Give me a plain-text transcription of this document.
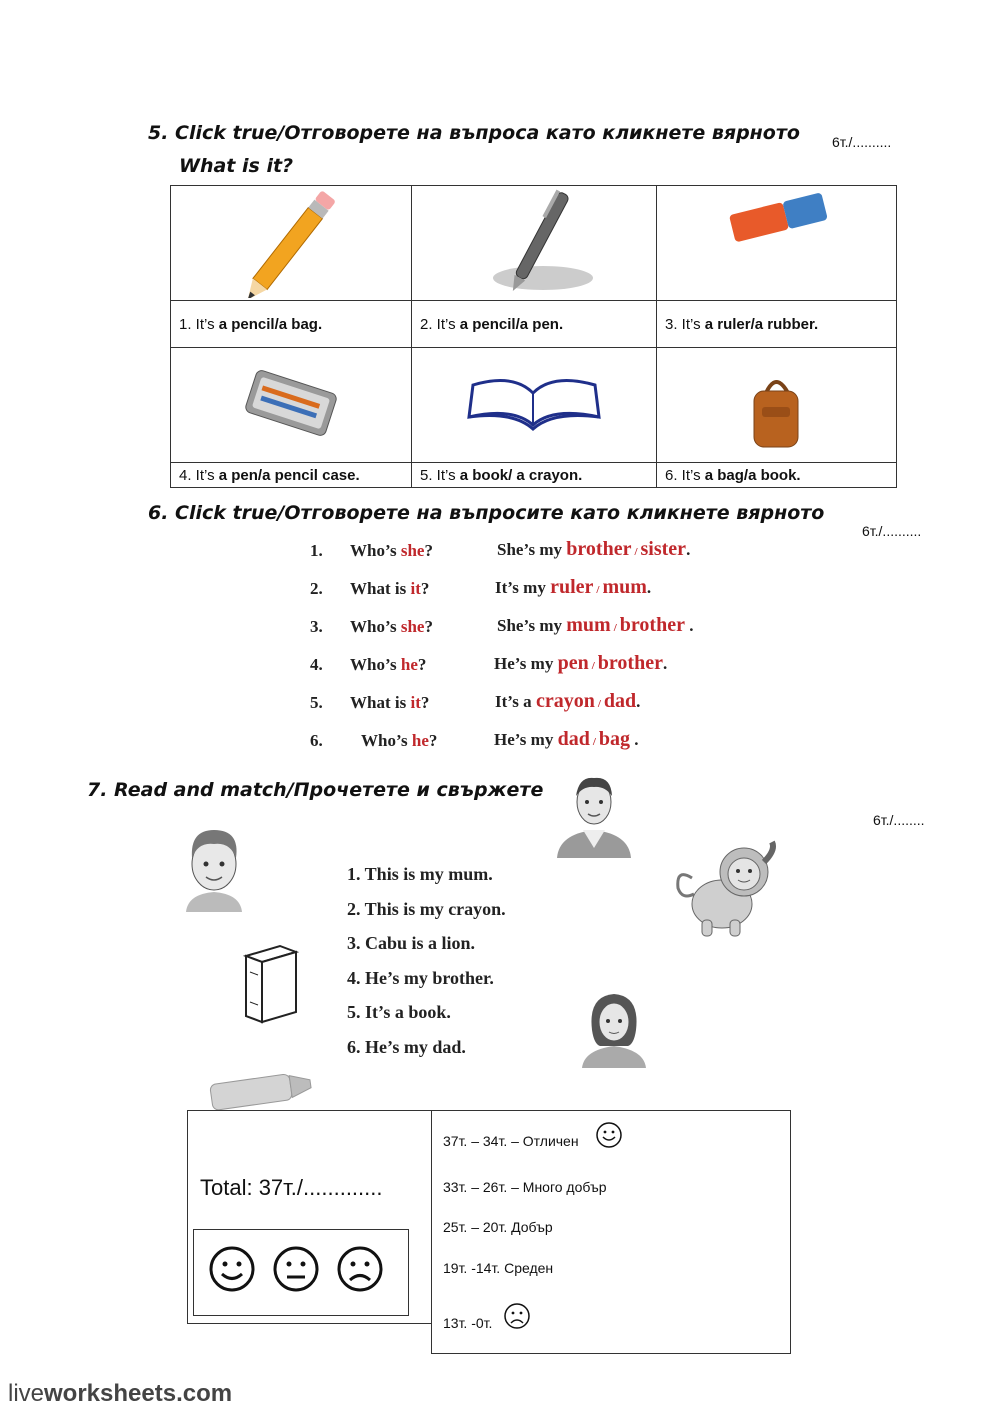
5. Click true/Отговорете на въпроса като кликнете вярното
What is it?
6т./..........

1. It’s a pencil/a bag.	2. It’s a pencil/a pen.	3. It’s a ruler/a rubber.

4. It’s a pen/a pencil case.	5. It’s a book/ a crayon.	6. It’s a bag/a book.
6. Click true/Отговорете на въпросите като кликнете вярното
6т./..........
1. Who’s she?	She’s my brother / sister.
2. What is it?	It’s my ruler / mum.
3. Who’s she?	She’s my mum / brother .
4. Who’s he?	He’s my pen / brother.
5. What is it?	It’s a crayon / dad.
6. Who’s he?	He’s my dad / bag .
7. Read and match/Прочетете и свържете
6т./........
1. This is my mum.
2. This is my crayon.
3. Cabu is a lion.
4. He’s my brother.
5. It’s a book.
6. He’s my dad.
Total: 37т./.............
37т. – 34т. – Отличен
33т. – 26т. – Много добър
25т. – 20т. Добър
19т. -14т. Среден
13т. -0т.
liveworksheets.com
